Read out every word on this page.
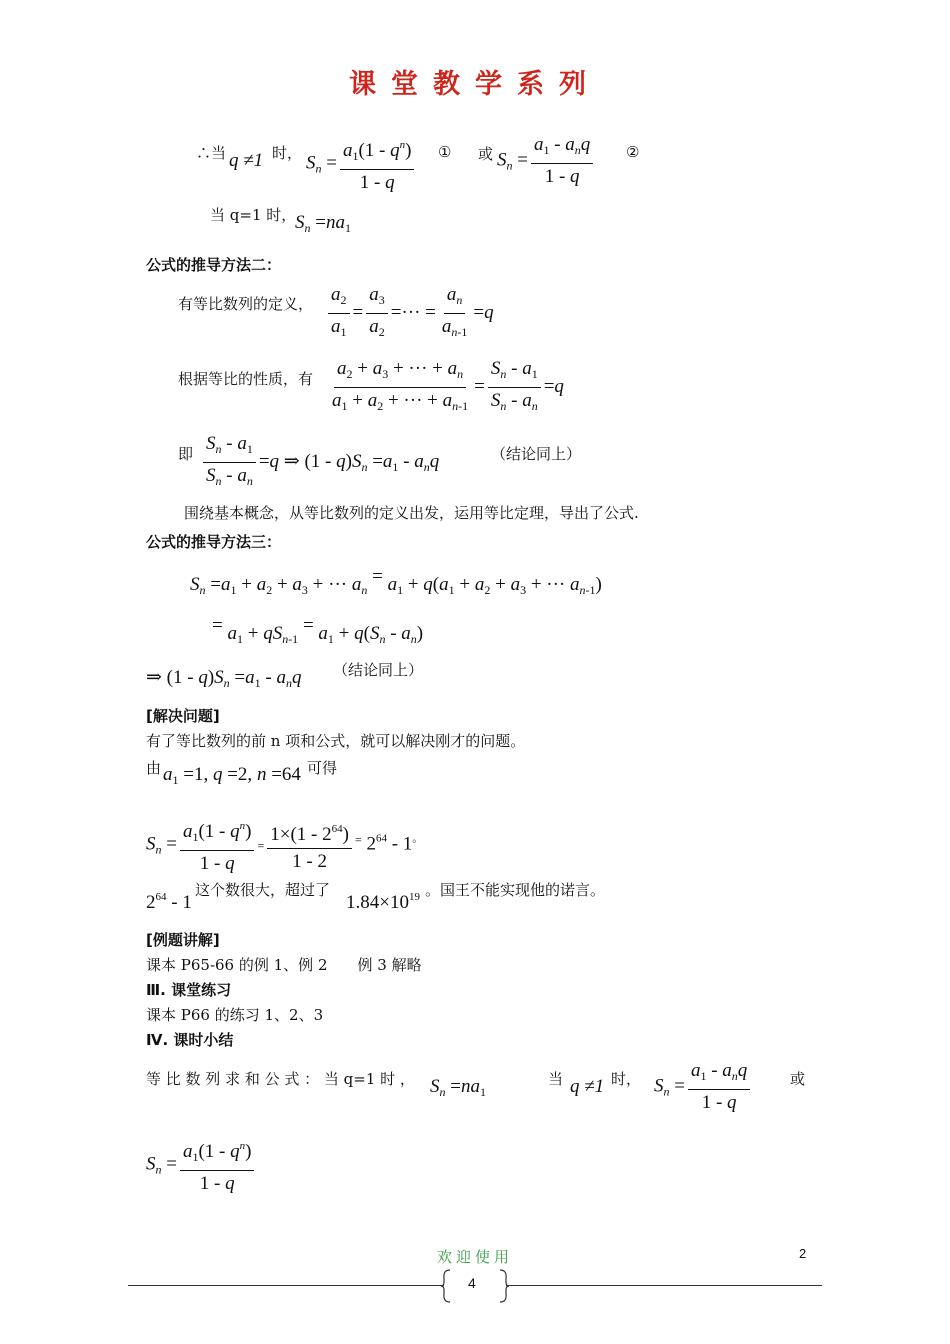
课堂教学系列
∴当 q ≠1 时， $S_n = \frac{a_1(1 - q^n)}{1 - q}$ ① 或 $S_n = \frac{a_1 - a_nq}{1 - q}$ ②
当 q=1 时，
$S_n =na_1$
公式的推导方法二：
有等比数列的定义， $\frac{a_2}{a_1} = \frac{a_3}{a_2}$ =··· = $\frac{a_n}{a_{n-1}} =q$
根据等比的性质，有 $\frac{a_2 + a_3 + \cdot\cdot\cdot + a_n}{a_1 + a_2 + \cdot\cdot\cdot + a_{n-1}} = \frac{S_n - a_1}{S_n - a_n} =q$
即 $\frac{S_n - a_1}{S_n - a_n} =q$ ⇒ $(1 - q)S_n =a_1 - a_nq$	（结论同上）
围绕基本概念，从等比数列的定义出发，运用等比定理，导出了公式.
公式的推导方法三：
$S_n =a_1 + a_2 + a_3$ + ··· $a_n = a_1 + q(a_1 + a_2 + a_3$ + ··· $a_{n-1}$)
= $a_1 + qS_{n-1} = a_1 + q(S_n - a_n)$
⇒ $(1 - q)S_n =a_1 - a_nq$ （结论同上）
[解决问题]
有了等比数列的前 n 项和公式，就可以解决刚才的问题。
由 $a_1 =1$, q =2, n =64 可得
$S_n = \frac{a_1(1 - q^n)}{1 - q} = \frac{1\times(1 - 2^{64})}{1 - 2} ^=$ $2^{64} - 1^。$
$2^{64} - 1$
这个数很大，超过了
$1.84\times 10^{19}$ 。国王不能实现他的诺言。
[例题讲解]
课本 P65-66 的例 1、例 2　　例 3 解略
Ⅲ. 课堂练习
课本 P66 的练习 1、2、3
Ⅳ. 课时小结
等 比 数 列 求 和 公 式 ： 当 q=1 时 ， $S_n =na_1$
当 q ≠1 时， $S_n = \frac{a_1 - a_nq}{1 - q}$	或
$S_n = \frac{a_1(1 - q^n)}{1 - q}$
欢迎使用	2
4
